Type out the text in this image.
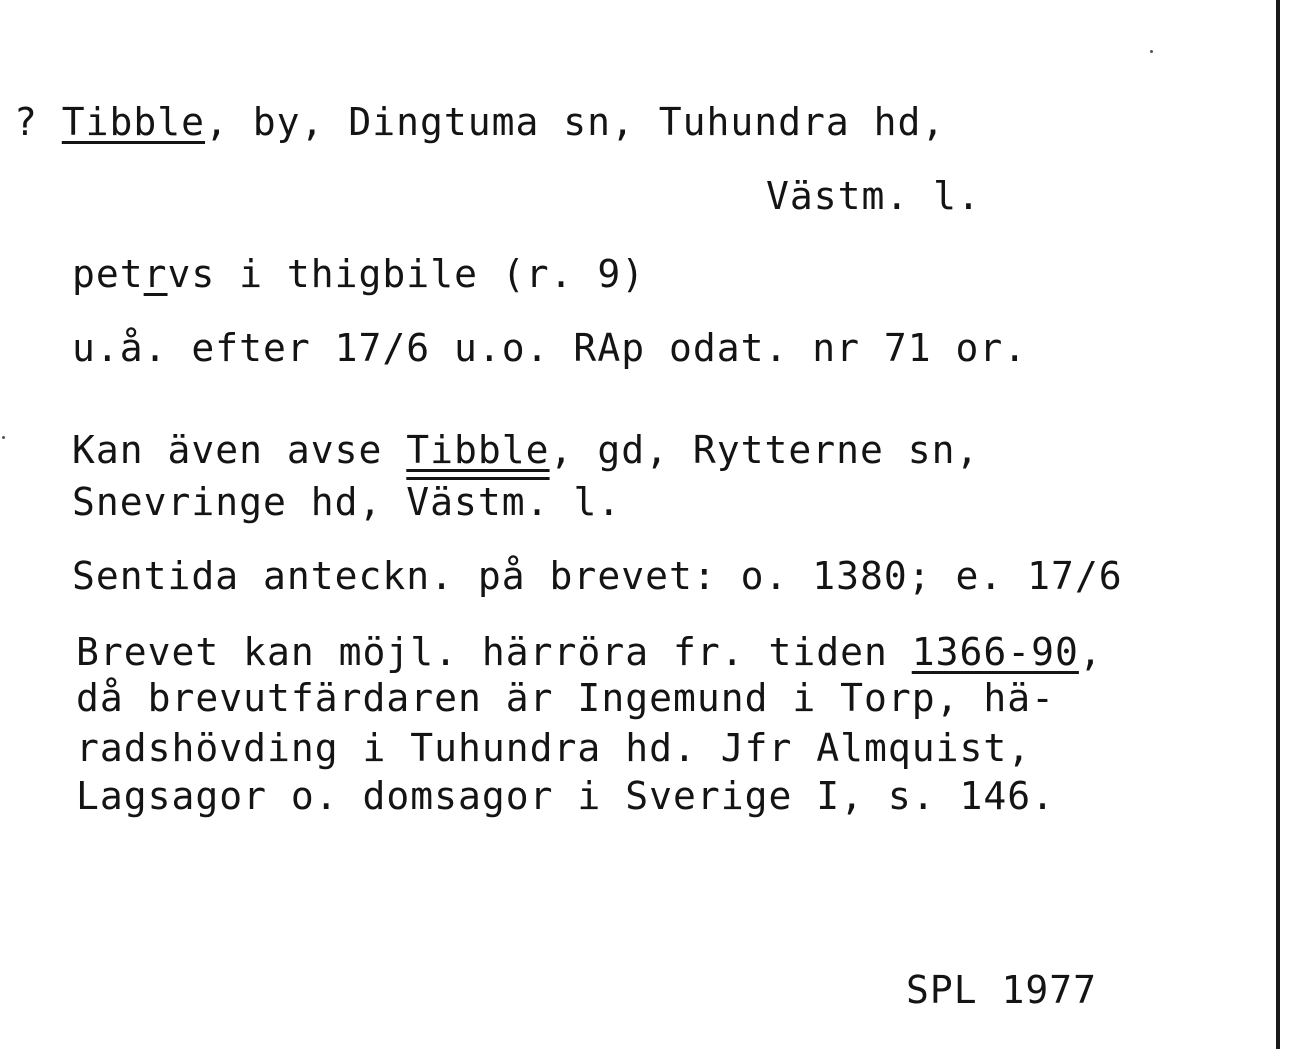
? Tibble, by, Dingtuma sn, Tuhundra hd,
Västm. l.
petrvs i thigbile (r. 9)
u.å. efter 17/6 u.o. RAp odat. nr 71 or.
Kan även avse Tibble, gd, Rytterne sn,
Snevringe hd, Västm. l.
Sentida anteckn. på brevet: o. 1380; e. 17/6
Brevet kan möjl. härröra fr. tiden 1366-90,
då brevutfärdaren är Ingemund i Torp, hä-
radshövding i Tuhundra hd. Jfr Almquist,
Lagsagor o. domsagor i Sverige I, s. 146.
SPL 1977
